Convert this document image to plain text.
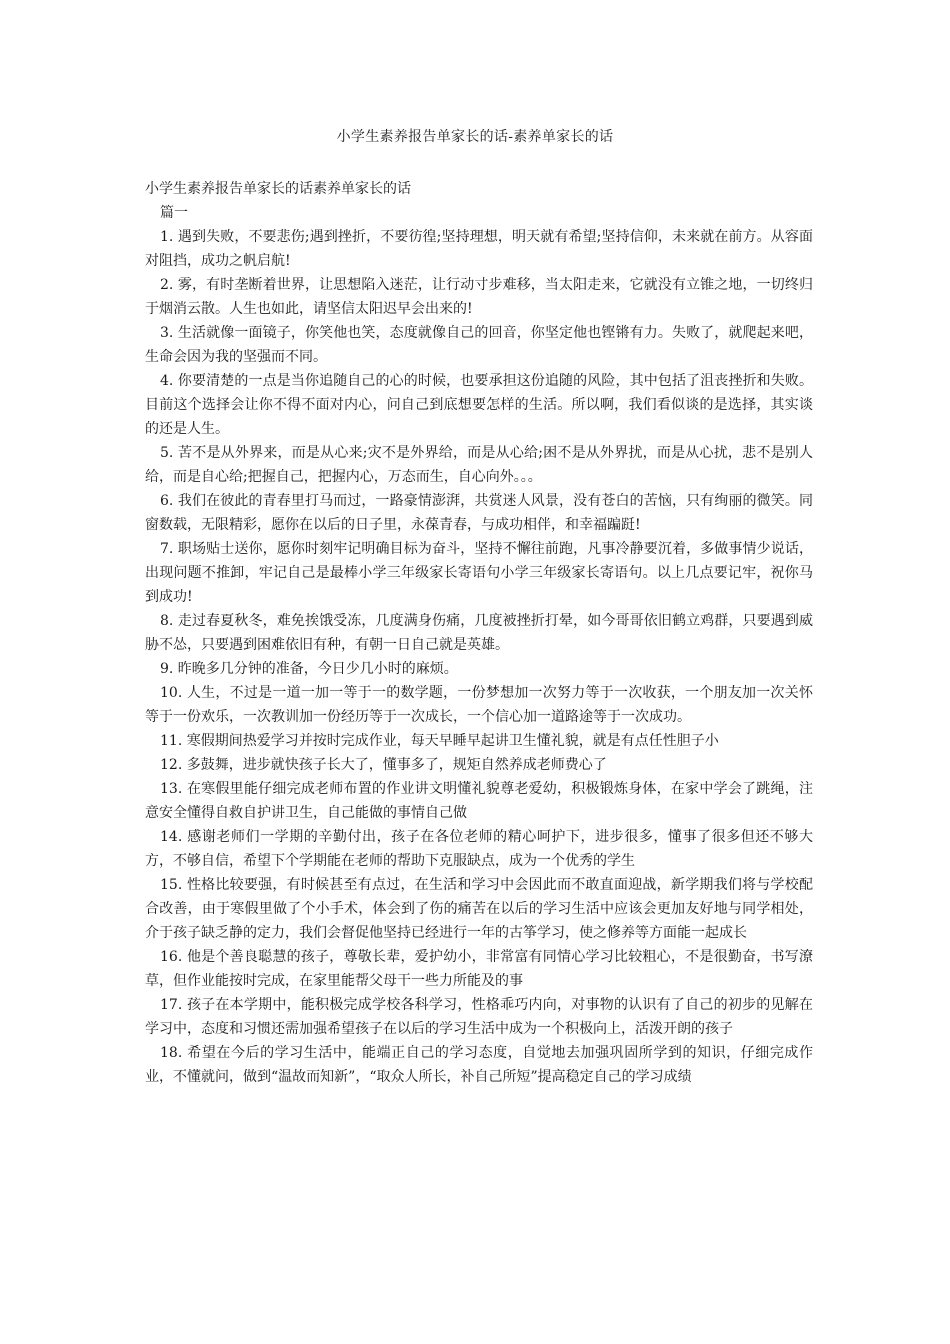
小学生素养报告单家长的话-素养单家长的话

小学生素养报告单家长的话素养单家长的话

篇一

1. 遇到失败，不要悲伤;遇到挫折，不要彷徨;坚持理想，明天就有希望;坚持信仰，未来就在前方。从容面对阻挡，成功之帆启航!

2. 雾，有时垄断着世界，让思想陷入迷茫，让行动寸步难移，当太阳走来，它就没有立锥之地，一切终归于烟消云散。人生也如此，请坚信太阳迟早会出来的!

3. 生活就像一面镜子，你笑他也笑，态度就像自己的回音，你坚定他也铿锵有力。失败了，就爬起来吧，生命会因为我的坚强而不同。

4. 你要清楚的一点是当你追随自己的心的时候，也要承担这份追随的风险，其中包括了沮丧挫折和失败。目前这个选择会让你不得不面对内心，问自己到底想要怎样的生活。所以啊，我们看似谈的是选择，其实谈的还是人生。

5. 苦不是从外界来，而是从心来;灾不是外界给，而是从心给;困不是从外界扰，而是从心扰，悲不是别人给，而是自心给;把握自己，把握内心，万态而生，自心向外。。。

6. 我们在彼此的青春里打马而过，一路豪情澎湃，共赏迷人风景，没有苍白的苦恼，只有绚丽的微笑。同窗数载，无限精彩，愿你在以后的日子里，永葆青春，与成功相伴，和幸福蹁跹!

7. 职场贴士送你，愿你时刻牢记明确目标为奋斗，坚持不懈往前跑，凡事冷静要沉着，多做事情少说话，出现问题不推卸，牢记自己是最棒小学三年级家长寄语句小学三年级家长寄语句。以上几点要记牢，祝你马到成功!

8. 走过春夏秋冬，难免挨饿受冻，几度满身伤痛，几度被挫折打晕，如今哥哥依旧鹤立鸡群，只要遇到威胁不怂，只要遇到困难依旧有种，有朝一日自己就是英雄。

9. 昨晚多几分钟的准备，今日少几小时的麻烦。

10. 人生，不过是一道一加一等于一的数学题，一份梦想加一次努力等于一次收获，一个朋友加一次关怀等于一份欢乐，一次教训加一份经历等于一次成长，一个信心加一道路途等于一次成功。

11. 寒假期间热爱学习并按时完成作业，每天早睡早起讲卫生懂礼貌，就是有点任性胆子小

12. 多鼓舞，进步就快孩子长大了，懂事多了，规矩自然养成老师费心了

13. 在寒假里能仔细完成老师布置的作业讲文明懂礼貌尊老爱幼，积极锻炼身体，在家中学会了跳绳，注意安全懂得自救自护讲卫生，自己能做的事情自己做

14. 感谢老师们一学期的辛勤付出，孩子在各位老师的精心呵护下，进步很多，懂事了很多但还不够大方，不够自信，希望下个学期能在老师的帮助下克服缺点，成为一个优秀的学生

15. 性格比较要强，有时候甚至有点过，在生活和学习中会因此而不敢直面迎战，新学期我们将与学校配合改善，由于寒假里做了个小手术，体会到了伤的痛苦在以后的学习生活中应该会更加友好地与同学相处，介于孩子缺乏静的定力，我们会督促他坚持已经进行一年的古筝学习，使之修养等方面能一起成长

16. 他是个善良聪慧的孩子，尊敬长辈，爱护幼小，非常富有同情心学习比较粗心，不是很勤奋，书写潦草，但作业能按时完成，在家里能帮父母干一些力所能及的事

17. 孩子在本学期中，能积极完成学校各科学习，性格乖巧内向，对事物的认识有了自己的初步的见解在学习中，态度和习惯还需加强希望孩子在以后的学习生活中成为一个积极向上，活泼开朗的孩子

18. 希望在今后的学习生活中，能端正自己的学习态度，自觉地去加强巩固所学到的知识，仔细完成作业，不懂就问，做到“温故而知新”，“取众人所长，补自己所短”提高稳定自己的学习成绩
